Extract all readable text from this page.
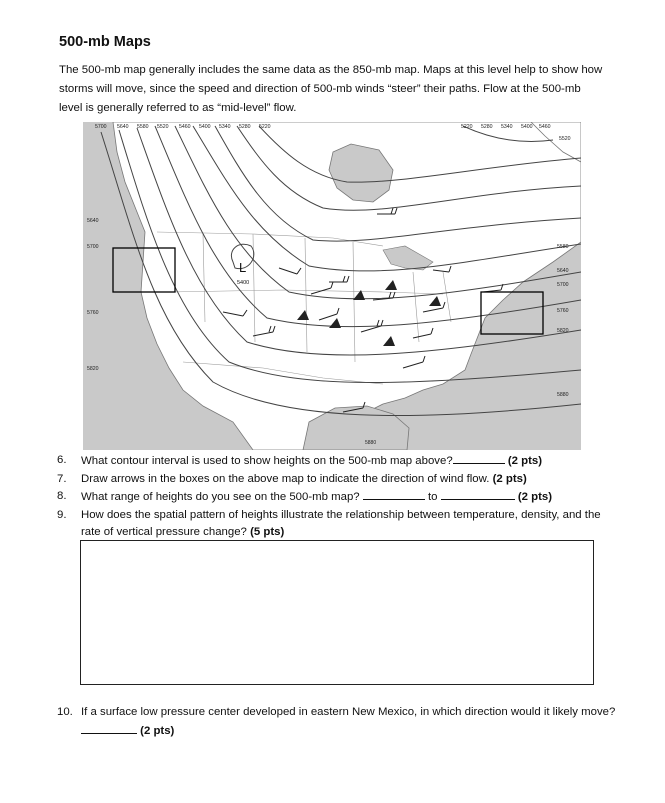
500-mb Maps

The 500-mb map generally includes the same data as the 850-mb map. Maps at this level help to show how storms will move, since the speed and direction of 500-mb winds “steer” their paths. Flow at the 500-mb level is generally referred to as “mid-level” flow.

L
5400
5700 5640 5580 5520 5460 5400 5340 5280 5220	5220 5280 5340 5400 5460
5520
5580
5640
5700
5760
5820
5880
5640
5700
5760
5820
5880
6.	What contour interval is used to show heights on the 500-mb map above?	(2 pts)
7.	Draw arrows in the boxes on the above map to indicate the direction of wind flow. (2 pts)
8.	What range of heights do you see on the 500-mb map?	to	(2 pts)
9.	How does the spatial pattern of heights illustrate the relationship between temperature, density, and the rate of vertical pressure change? (5 pts)
10. If a surface low pressure center developed in eastern New Mexico, in which direction would it likely move? (2 pts)
